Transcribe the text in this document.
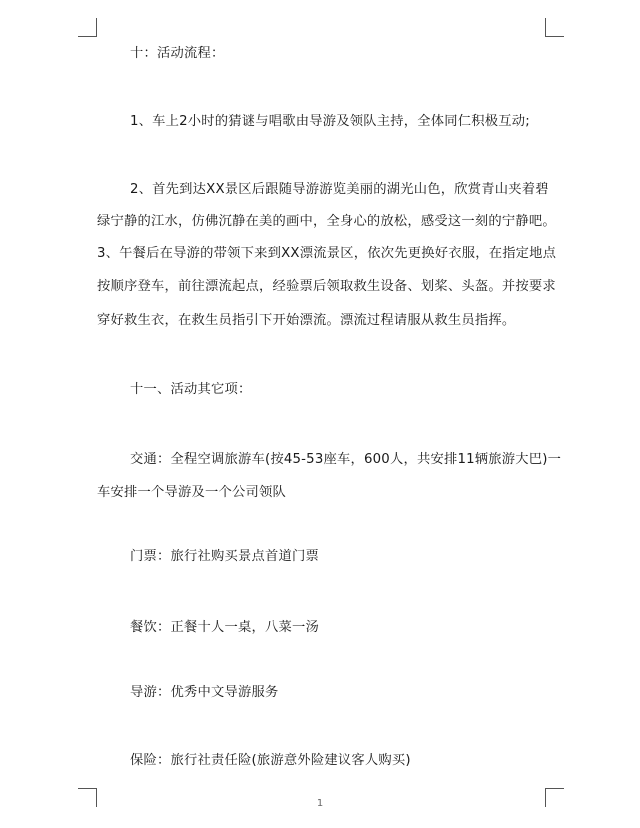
十：活动流程：
1、车上2小时的猜谜与唱歌由导游及领队主持，全体同仁积极互动;
2、首先到达XX景区后跟随导游游览美丽的湖光山色，欣赏青山夹着碧
绿宁静的江水，仿佛沉静在美的画中，全身心的放松，感受这一刻的宁静吧。
3、午餐后在导游的带领下来到XX漂流景区，依次先更换好衣服，在指定地点
按顺序登车，前往漂流起点，经验票后领取救生设备、划桨、头盔。并按要求
穿好救生衣，在救生员指引下开始漂流。漂流过程请服从救生员指挥。
十一、活动其它项：
交通：全程空调旅游车(按45-53座车，600人，共安排11辆旅游大巴)一
车安排一个导游及一个公司领队
门票：旅行社购买景点首道门票
餐饮：正餐十人一桌，八菜一汤
导游：优秀中文导游服务
保险：旅行社责任险(旅游意外险建议客人购买)
1
